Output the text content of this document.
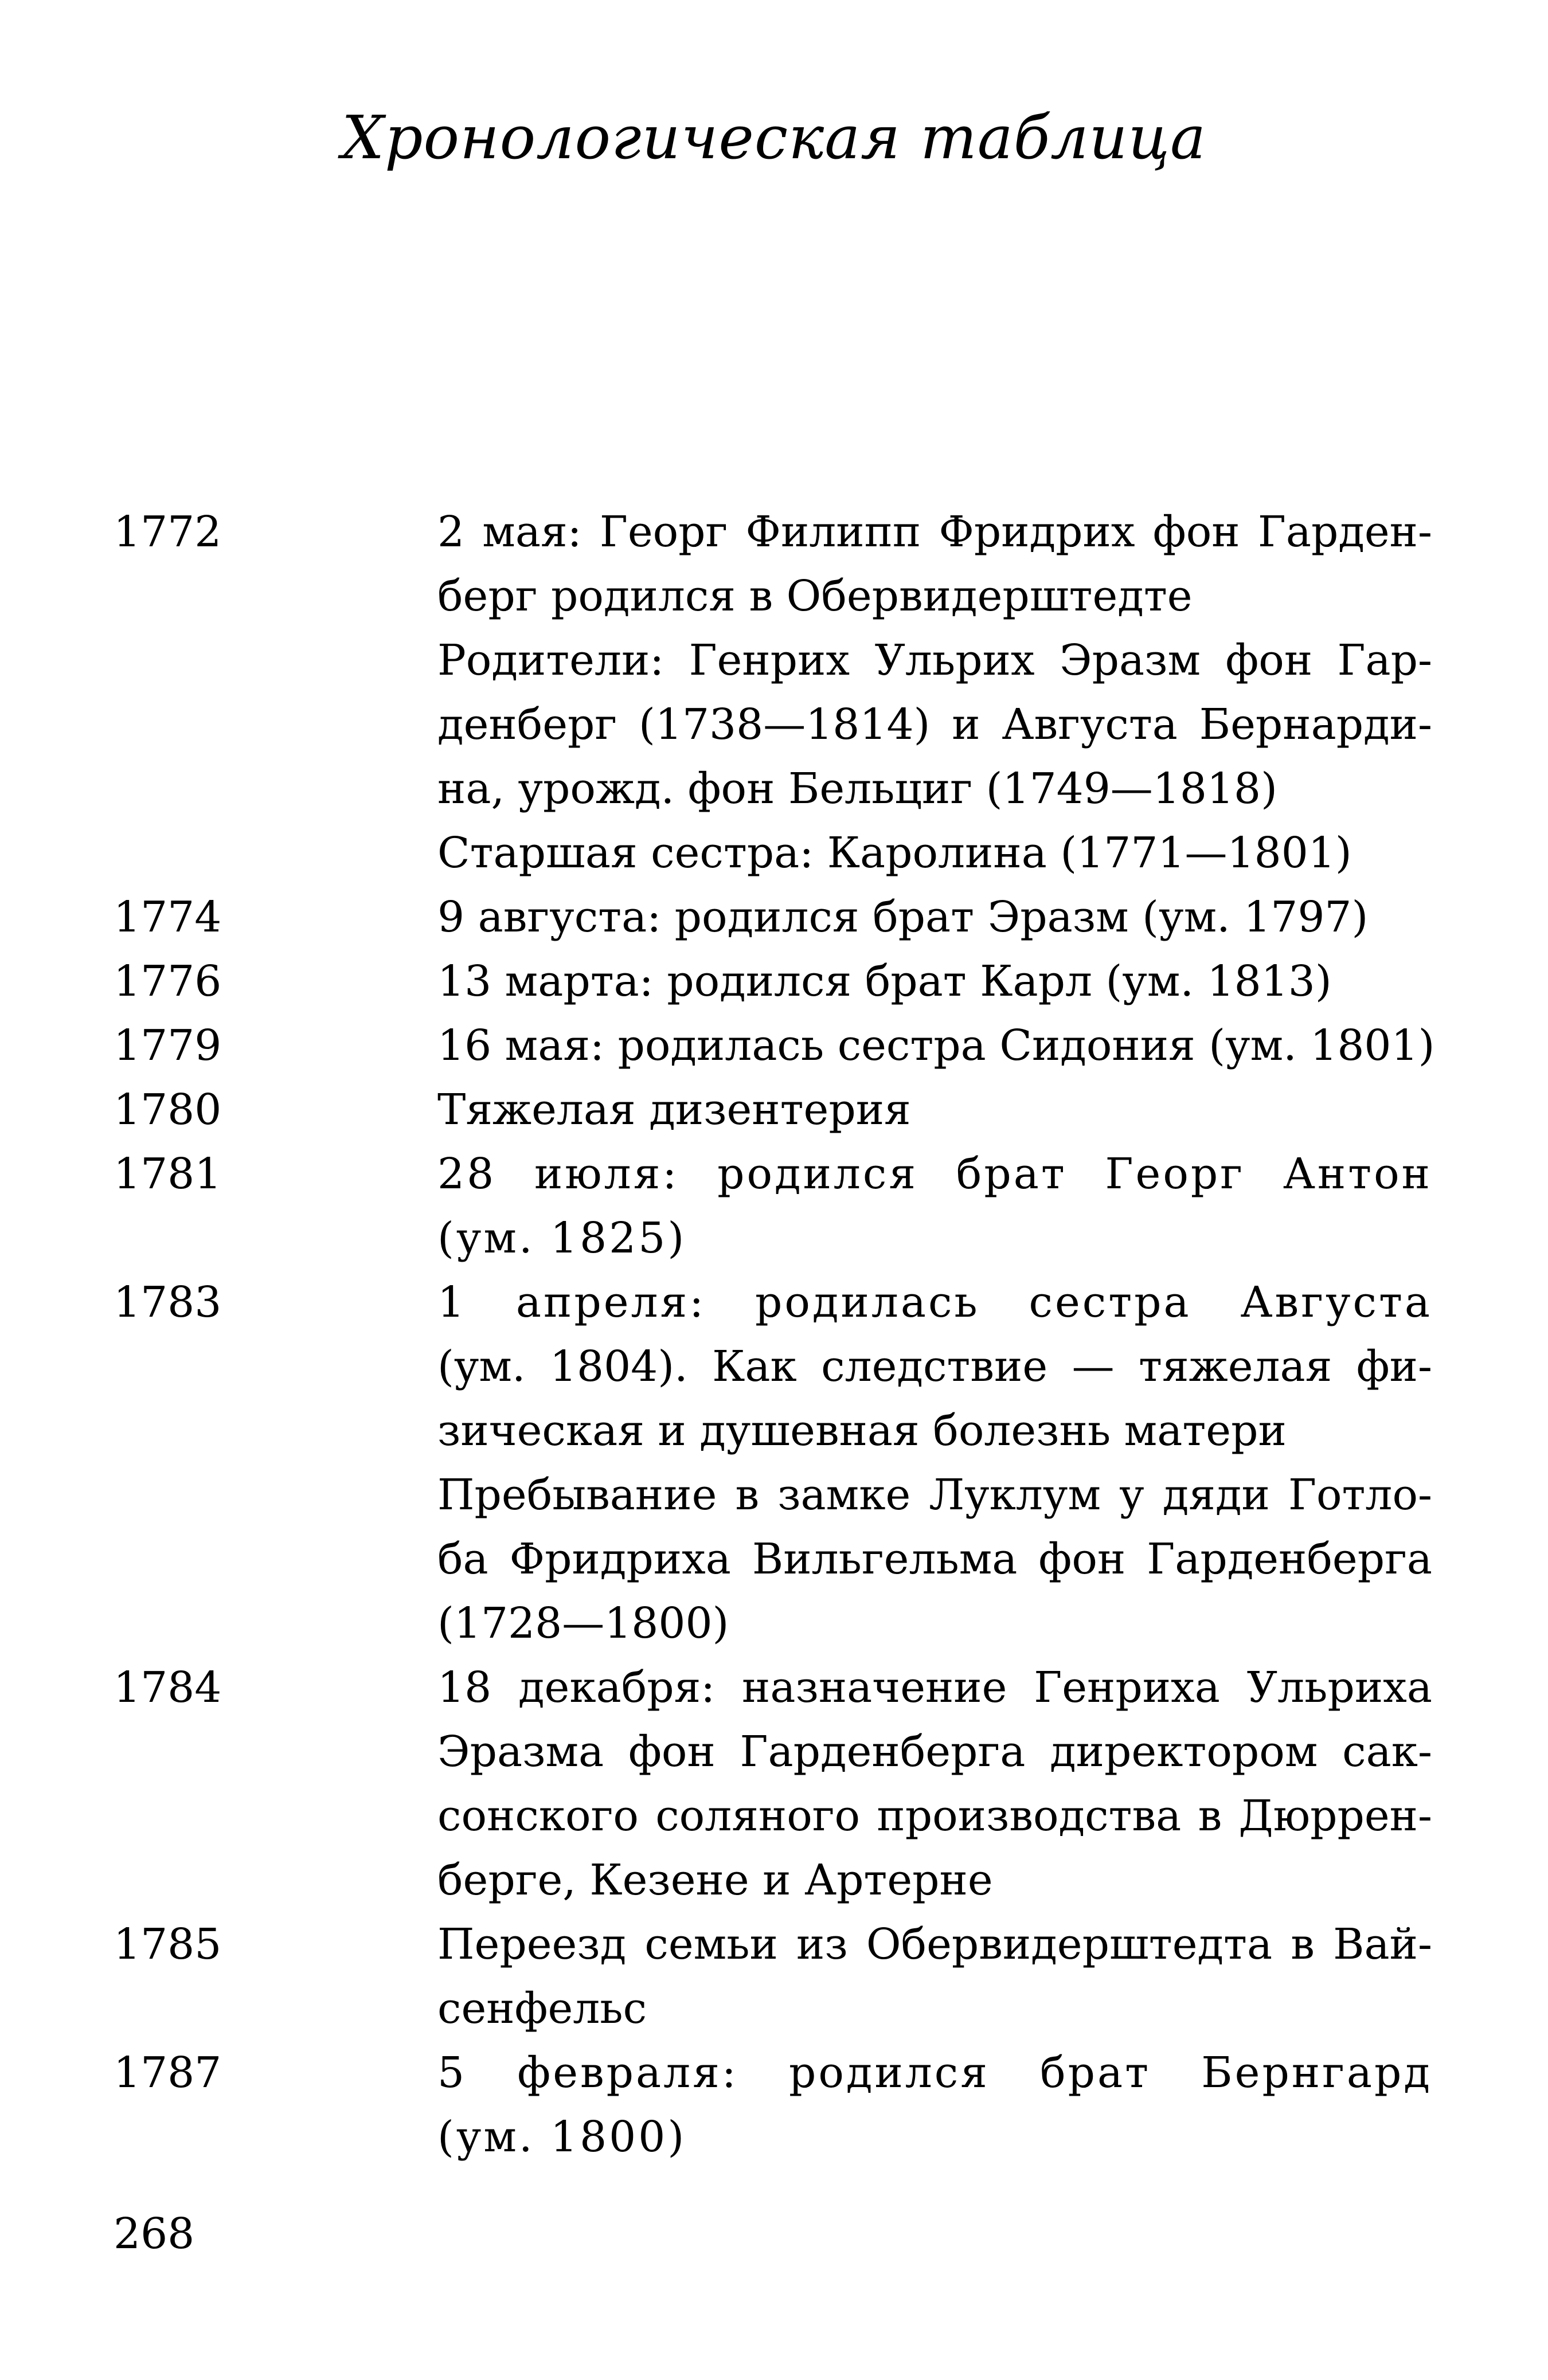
Хронологическая таблица
1772	2 мая: Георг Филипп Фридрих фон Гарден-
берг родился в Обервидерштедте
Родители: Генрих Ульрих Эразм фон Гар-
денберг (1738—1814) и Августа Бернарди-
на, урожд. фон Бельциг (1749—1818)
Старшая сестра: Каролина (1771—1801)
1774	9 августа: родился брат Эразм (ум. 1797)
1776	13 марта: родился брат Карл (ум. 1813)
1779	16 мая: родилась сестра Сидония (ум. 1801)
1780	Тяжелая дизентерия
1781	28 июля: родился брат Георг Антон
(ум. 1825)
1783	1 апреля: родилась сестра Августа
(ум. 1804). Как следствие — тяжелая фи-
зическая и душевная болезнь матери
Пребывание в замке Луклум у дяди Готло-
ба Фридриха Вильгельма фон Гарденберга
(1728—1800)
1784	18 декабря: назначение Генриха Ульриха
Эразма фон Гарденберга директором сак-
сонского соляного производства в Дюррен-
берге, Кезене и Артерне
1785	Переезд семьи из Обервидерштедта в Вай-
сенфельс
1787	5 февраля: родился брат Бернгард
(ум. 1800)

268
